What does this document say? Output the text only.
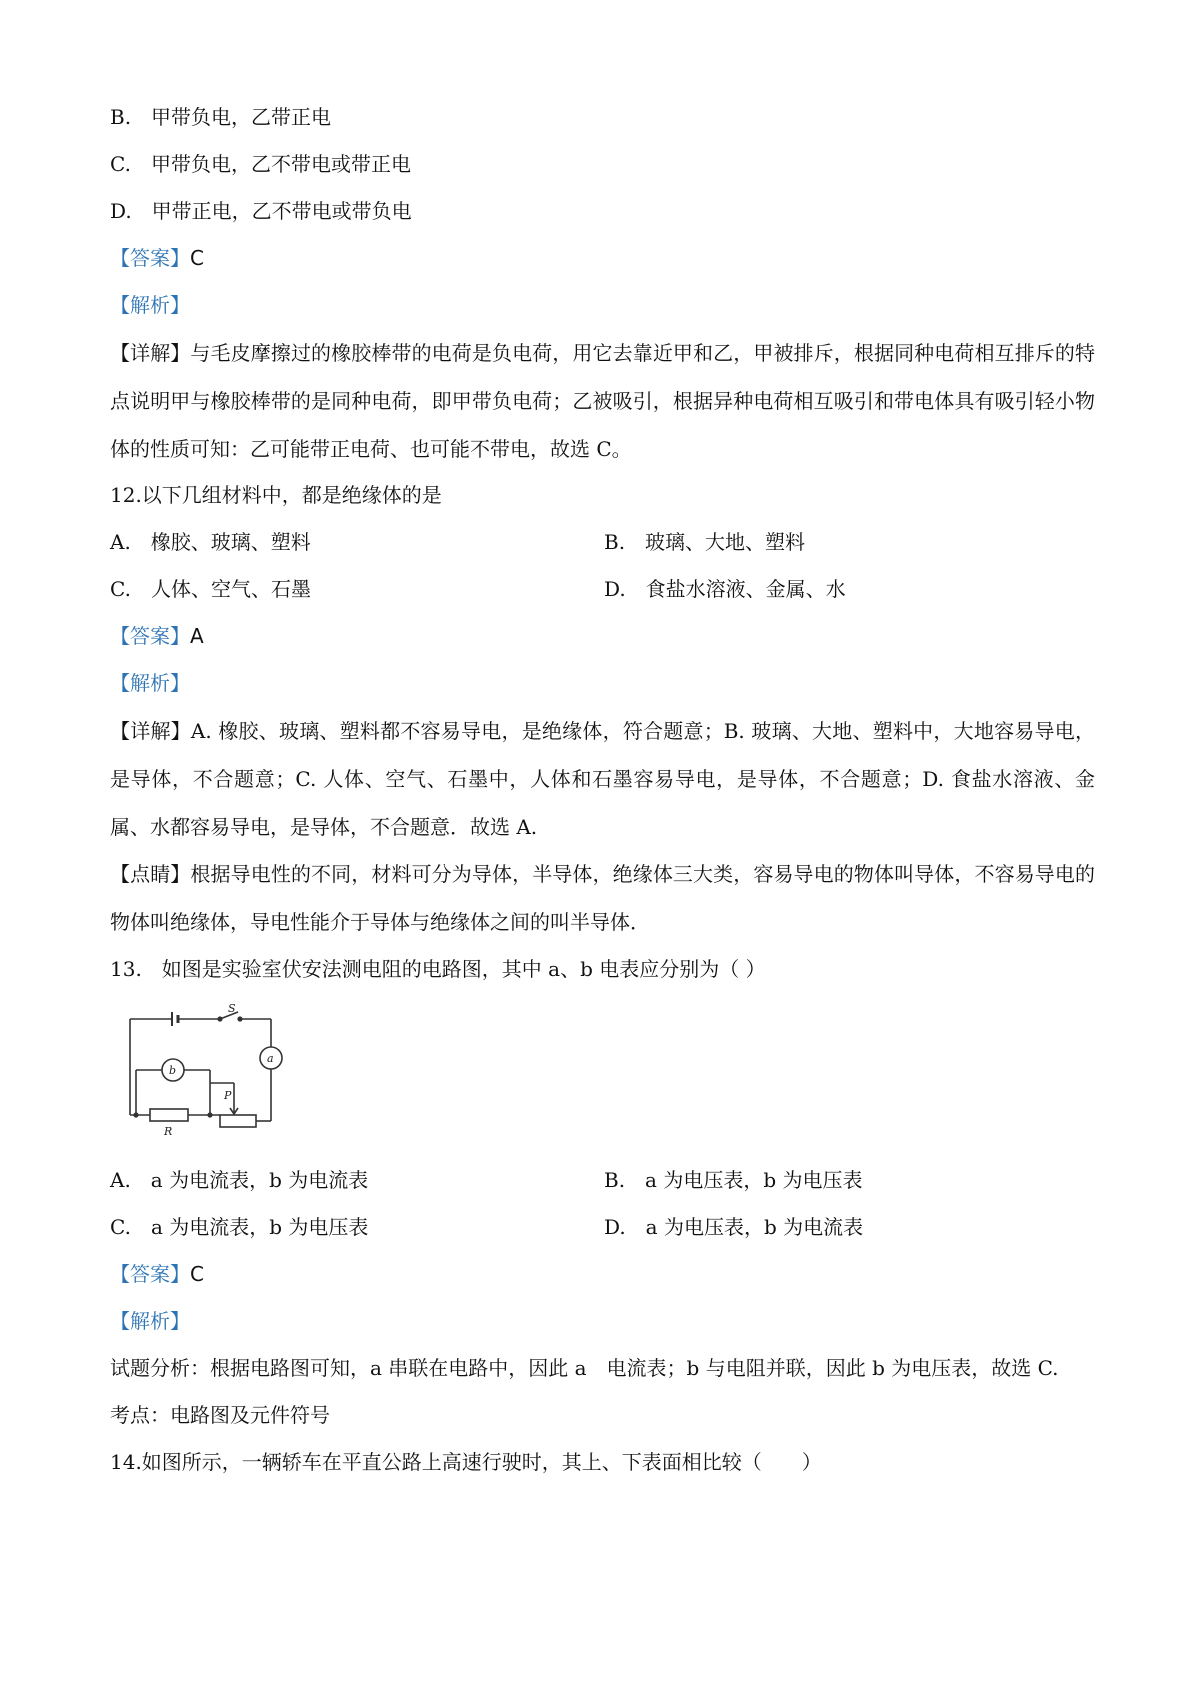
B.　甲带负电，乙带正电
C.　甲带负电，乙不带电或带正电
D.　甲带正电，乙不带电或带负电
【答案】C
【解析】
【详解】与毛皮摩擦过的橡胶棒带的电荷是负电荷，用它去靠近甲和乙，甲被排斥，根据同种电荷相互排斥的特点说明甲与橡胶棒带的是同种电荷，即甲带负电荷；乙被吸引，根据异种电荷相互吸引和带电体具有吸引轻小物体的性质可知：乙可能带正电荷、也可能不带电，故选 C。
12.以下几组材料中，都是绝缘体的是
A.　橡胶、玻璃、塑料	B.　玻璃、大地、塑料
C.　人体、空气、石墨	D.　食盐水溶液、金属、水
【答案】A
【解析】
【详解】A. 橡胶、玻璃、塑料都不容易导电，是绝缘体，符合题意；B. 玻璃、大地、塑料中，大地容易导电，是导体，不合题意；C. 人体、空气、石墨中，人体和石墨容易导电，是导体，不合题意；D. 食盐水溶液、金属、水都容易导电，是导体，不合题意．故选 A.
【点睛】根据导电性的不同，材料可分为导体，半导体，绝缘体三大类，容易导电的物体叫导体，不容易导电的物体叫绝缘体，导电性能介于导体与绝缘体之间的叫半导体．
13.　如图是实验室伏安法测电阻的电路图，其中 a、b 电表应分别为（ ）
S
a
b
P
R
A.　a 为电流表，b 为电流表	B.　a 为电压表，b 为电压表
C.　a 为电流表，b 为电压表	D.　a 为电压表，b 为电流表
【答案】C
【解析】
试题分析：根据电路图可知，a 串联在电路中，因此 a　电流表；b 与电阻并联，因此 b 为电压表，故选 C.
考点：电路图及元件符号
14.如图所示，一辆轿车在平直公路上高速行驶时，其上、下表面相比较（　　）
